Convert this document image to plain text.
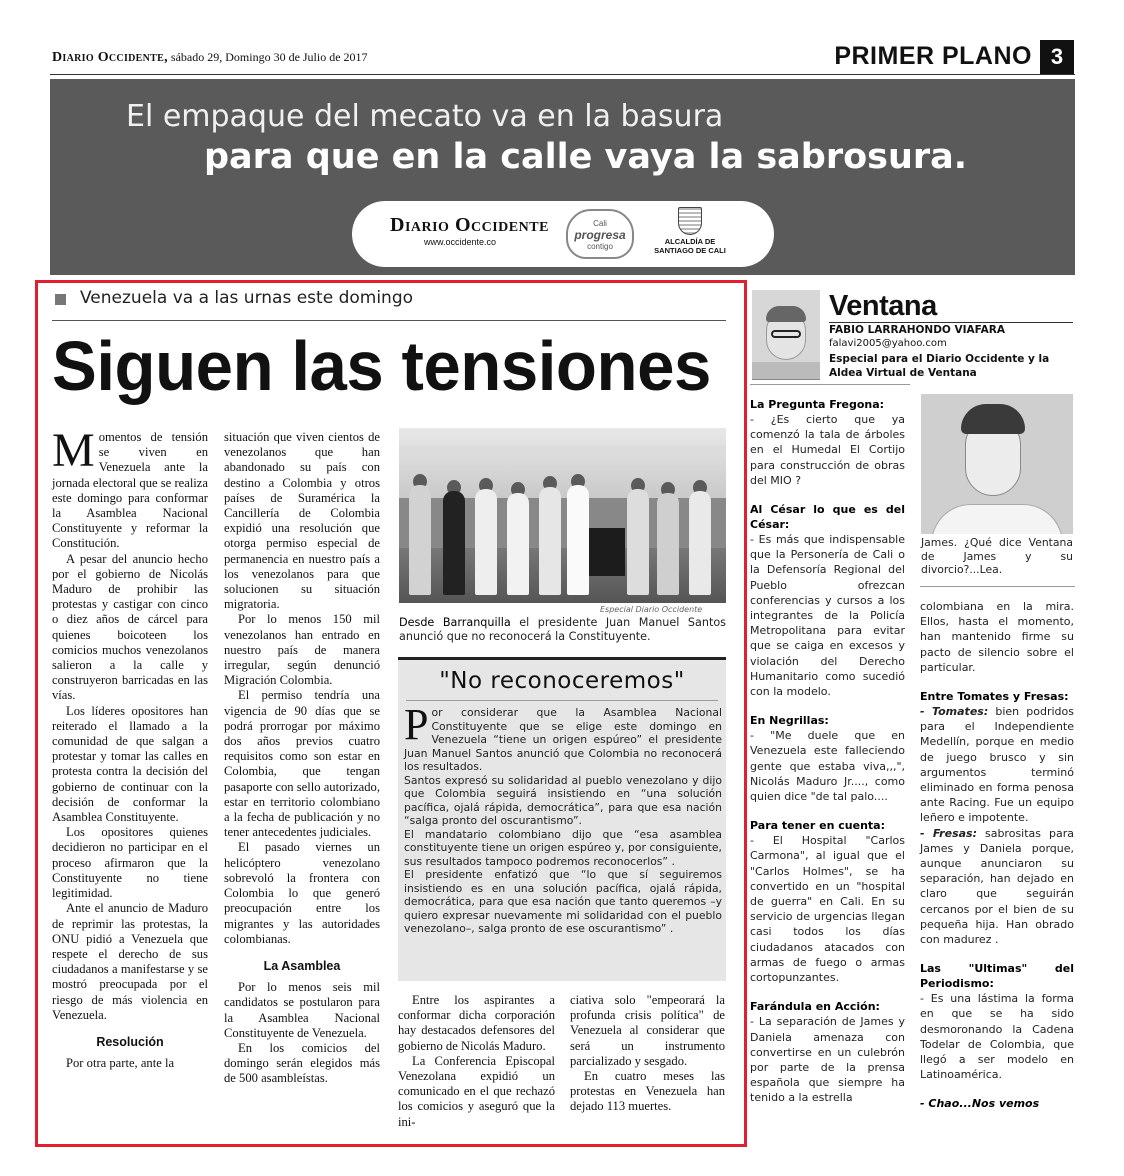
Diario Occidente, sábado 29, Domingo 30 de Julio de 2017	PRIMER PLANO 3
El empaque del mecato va en la basura
para que en la calle vaya la sabrosura.
Diario Occidente
www.occidente.co
Cali
progresa
contigo
ALCALDÍA DE SANTIAGO DE CALI
Venezuela va a las urnas este domingo
Siguen las tensiones

Momentos de tensión se viven en Venezuela ante la jornada electoral que se realiza este domingo para conformar la Asamblea Nacional Constituyente y reformar la Constitución.

A pesar del anuncio hecho por el gobierno de Nicolás Maduro de prohibir las protestas y castigar con cinco o diez años de cárcel para quienes boicoteen los comicios muchos venezolanos salieron a la calle y construyeron barricadas en las vías.

Los líderes opositores han reiterado el llamado a la comunidad de que salgan a protestar y tomar las calles en protesta contra la decisión del gobierno de continuar con la decisión de conformar la Asamblea Constituyente.

Los opositores quienes decidieron no participar en el proceso afirmaron que la Constituyente no tiene legitimidad.

Ante el anuncio de Maduro de reprimir las protestas, la ONU pidió a Venezuela que respete el derecho de sus ciudadanos a manifestarse y se mostró preocupada por el riesgo de más violencia en Venezuela.

Resolución

Por otra parte, ante la

situación que viven cientos de venezolanos que han abandonado su país con destino a Colombia y otros países de Suramérica la Cancillería de Colombia expidió una resolución que otorga permiso especial de permanencia en nuestro país a los venezolanos para que solucionen su situación migratoria.

Por lo menos 150 mil venezolanos han entrado en nuestro país de manera irregular, según denunció Migración Colombia.

El permiso tendría una vigencia de 90 días que se podrá prorrogar por máximo dos años previos cuatro requisitos como son estar en Colombia, que tengan pasaporte con sello autorizado, estar en territorio colombiano a la fecha de publicación y no tener antecedentes judiciales.

El pasado viernes un helicóptero venezolano sobrevoló la frontera con Colombia lo que generó preocupación entre los migrantes y las autoridades colombianas.

La Asamblea

Por lo menos seis mil candidatos se postularon para la Asamblea Nacional Constituyente de Venezuela.

En los comicios del domingo serán elegidos más de 500 asambleístas.

Especial Diario Occidente
Desde Barranquilla el presidente Juan Manuel Santos anunció que no reconocerá la Constituyente.
"No reconoceremos"
Por considerar que la Asamblea Nacional Constituyente que se elige este domingo en Venezuela “tiene un origen espúreo” el presidente Juan Manuel Santos anunció que Colombia no reconocerá los resultados.
Santos expresó su solidaridad al pueblo venezolano y dijo que Colombia seguirá insistiendo en “una solución pacífica, ojalá rápida, democrática”, para que esa nación “salga pronto del oscurantismo”.
El mandatario colombiano dijo que “esa asamblea constituyente tiene un origen espúreo y, por consiguiente, sus resultados tampoco podremos reconocerlos” .
El presidente enfatizó que “lo que sí seguiremos insistiendo es en una solución pacífica, ojalá rápida, democrática, para que esa nación que tanto queremos –y quiero expresar nuevamente mi solidaridad con el pueblo venezolano–, salga pronto de ese oscurantismo” .

Entre los aspirantes a conformar dicha corporación hay destacados defensores del gobierno de Nicolás Maduro.

La Conferencia Episcopal Venezolana expidió un comunicado en el que rechazó los comicios y aseguró que la ini-

ciativa solo "empeorará la profunda crisis política" de Venezuela al considerar que será un instrumento parcializado y sesgado.

En cuatro meses las protestas en Venezuela han dejado 113 muertes.

Ventana
FABIO LARRAHONDO VIAFARA
falavi2005@yahoo.com
Especial para el Diario Occidente y la Aldea Virtual de Ventana
La Pregunta Fregona:
- ¿Es cierto que ya comenzó la tala de árboles en el Humedal El Cortijo para construcción de obras del MIO ?
Al César lo que es del César:
- Es más que indispensable que la Personería de Cali o la Defensoría Regional del Pueblo ofrezcan conferencias y cursos a los integrantes de la Policía Metropolitana para evitar que se caiga en excesos y violación del Derecho Humanitario como sucedió con la modelo.
En Negrillas:
- "Me duele que en Venezuela este falleciendo gente que estaba viva,,,", Nicolás Maduro Jr...., como quien dice "de tal palo....
Para tener en cuenta:
- El Hospital "Carlos Carmona", al igual que el "Carlos Holmes", se ha convertido en un "hospital de guerra" en Cali. En su servicio de urgencias llegan casi todos los días ciudadanos atacados con armas de fuego o armas cortopunzantes.
Farándula en Acción:
- La separación de James y Daniela amenaza con convertirse en un culebrón por parte de la prensa española que siempre ha tenido a la estrella
James. ¿Qué dice Ventana de James y su divorcio?...Lea.
colombiana en la mira. Ellos, hasta el momento, han mantenido firme su pacto de silencio sobre el particular.
Entre Tomates y Fresas:
- Tomates: bien podridos para el Independiente Medellín, porque en medio de juego brusco y sin argumentos terminó eliminado en forma penosa ante Racing. Fue un equipo leñero e impotente.
- Fresas: sabrositas para James y Daniela porque, aunque anunciaron su separación, han dejado en claro que seguirán cercanos por el bien de su pequeña hija. Han obrado con madurez .
Las "Ultimas" del Periodismo:
- Es una lástima la forma en que se ha sido desmoronando la Cadena Todelar de Colombia, que llegó a ser modelo en Latinoamérica.
- Chao...Nos vemos
